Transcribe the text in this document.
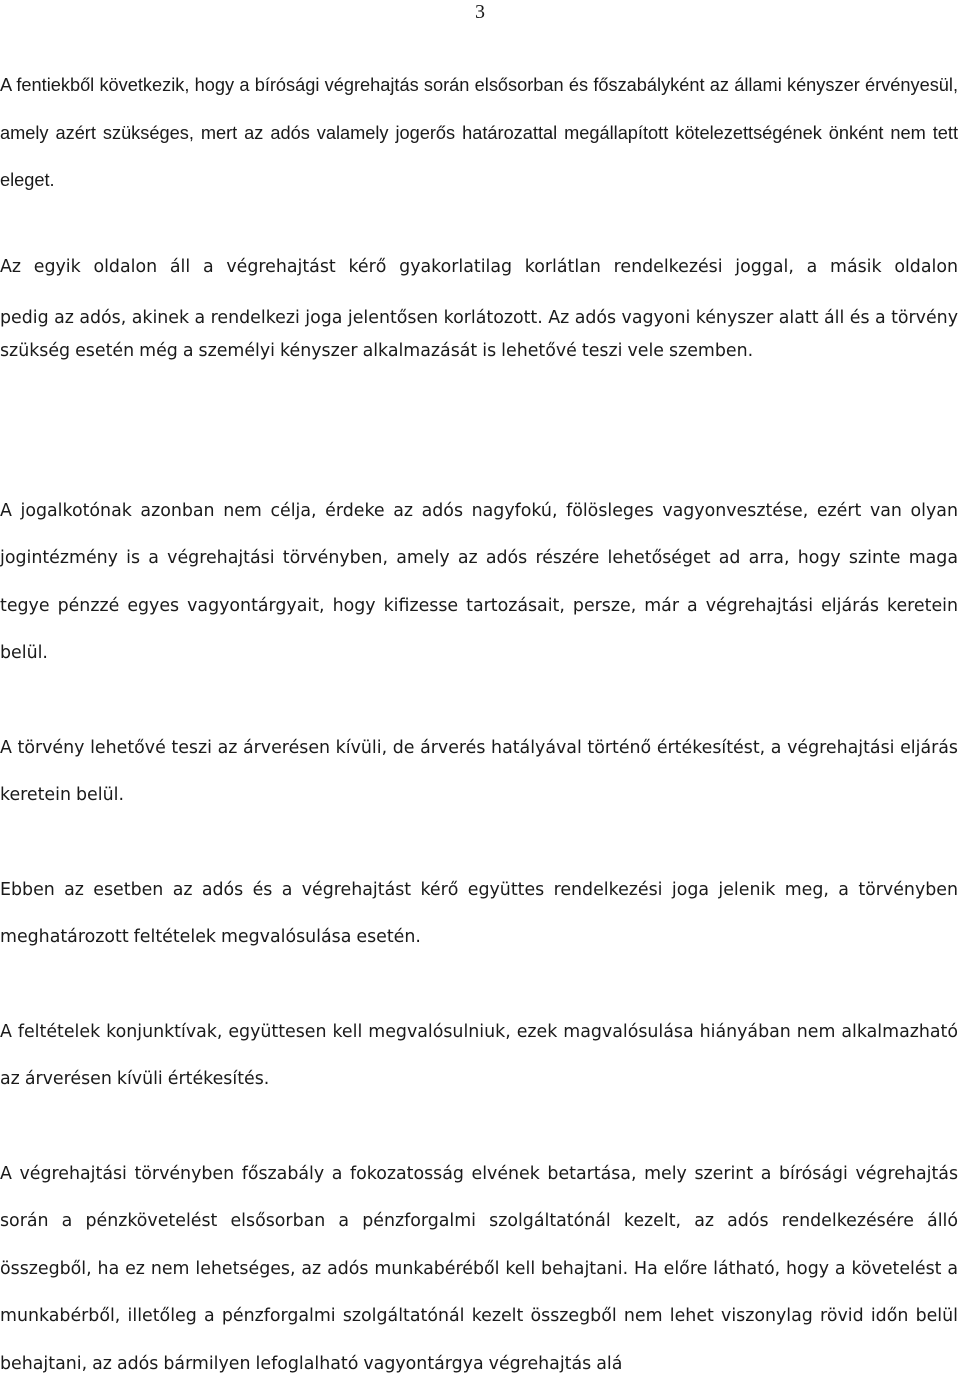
3

A fentiekből következik, hogy a bírósági végrehajtás során elsősorban és főszabályként az állami kényszer érvényesül, amely azért szükséges, mert az adós valamely jogerős határozattal megállapított kötelezettségének önként nem tett eleget.

Az egyik oldalon áll a végrehajtást kérő gyakorlatilag korlátlan rendelkezési joggal, a másik oldalon

pedig az adós, akinek a rendelkezi joga jelentősen korlátozott. Az adós vagyoni kényszer alatt áll és a törvény szükség esetén még a személyi kényszer alkalmazását is lehetővé teszi vele szemben.

A jogalkotónak azonban nem célja, érdeke az adós nagyfokú, fölösleges vagyonvesztése, ezért van olyan jogintézmény is a végrehajtási törvényben, amely az adós részére lehetőséget ad arra, hogy szinte maga tegye pénzzé egyes vagyontárgyait, hogy kifizesse tartozásait, persze, már a végrehajtási eljárás keretein belül.

A törvény lehetővé teszi az árverésen kívüli, de árverés hatályával történő értékesítést, a végrehajtási eljárás keretein belül.

Ebben az esetben az adós és a végrehajtást kérő együttes rendelkezési joga jelenik meg, a törvényben meghatározott feltételek megvalósulása esetén.

A feltételek konjunktívak, együttesen kell megvalósulniuk, ezek magvalósulása hiányában nem alkalmazható az árverésen kívüli értékesítés.

A végrehajtási törvényben főszabály a fokozatosság elvének betartása, mely szerint a bírósági végrehajtás során a pénzkövetelést elsősorban a pénzforgalmi szolgáltatónál kezelt, az adós rendelkezésére álló összegből, ha ez nem lehetséges, az adós munkabéréből kell behajtani. Ha előre látható, hogy a követelést a munkabérből, illetőleg a pénzforgalmi szolgáltatónál kezelt összegből nem lehet viszonylag rövid időn belül behajtani, az adós bármilyen lefoglalható vagyontárgya végrehajtás alá
